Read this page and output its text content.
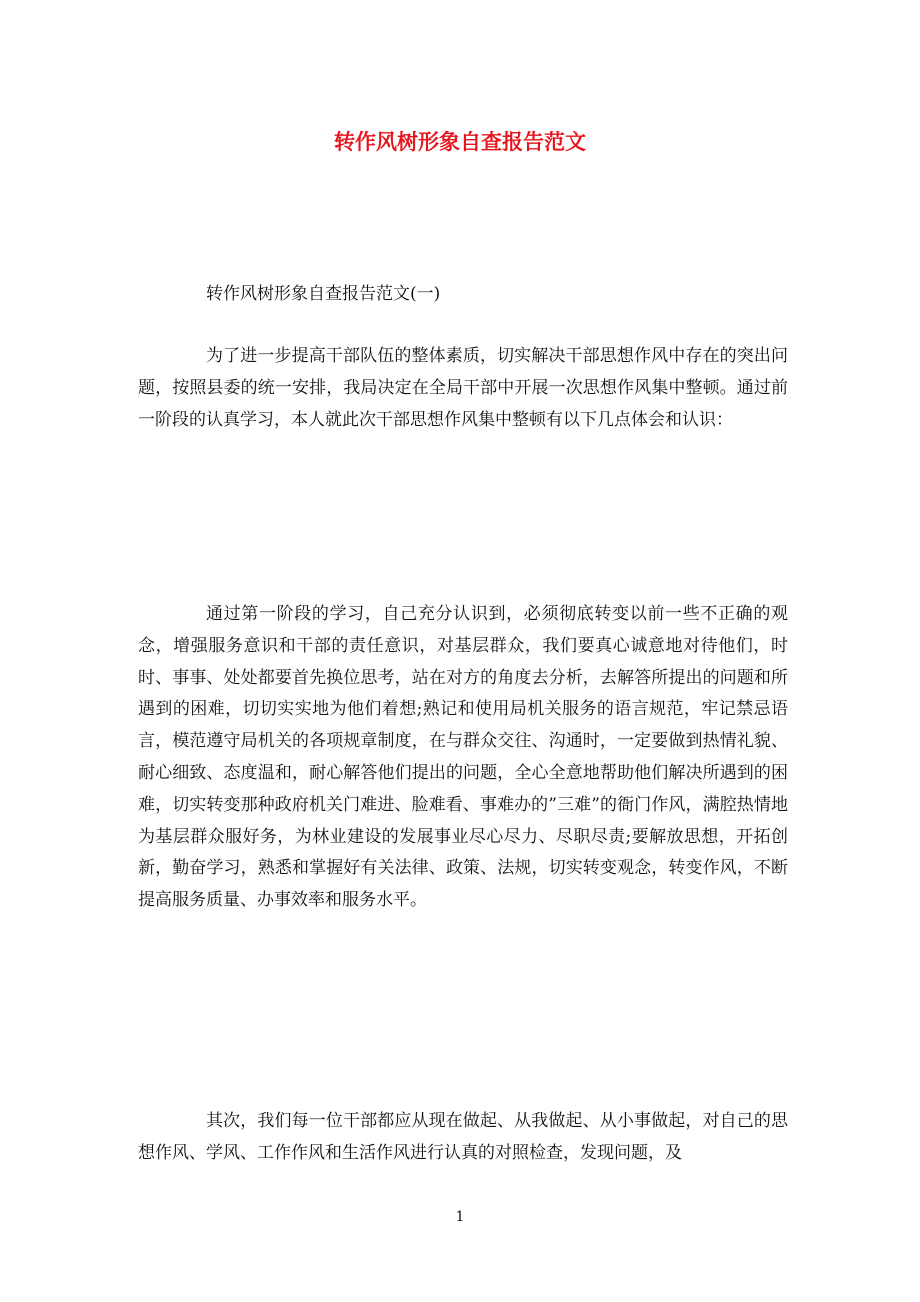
转作风树形象自查报告范文

转作风树形象自查报告范文(一)

为了进一步提高干部队伍的整体素质，切实解决干部思想作风中存在的突出问题，按照县委的统一安排，我局决定在全局干部中开展一次思想作风集中整顿。通过前一阶段的认真学习，本人就此次干部思想作风集中整顿有以下几点体会和认识：

通过第一阶段的学习，自己充分认识到，必须彻底转变以前一些不正确的观念，增强服务意识和干部的责任意识，对基层群众，我们要真心诚意地对待他们，时时、事事、处处都要首先换位思考，站在对方的角度去分析，去解答所提出的问题和所遇到的困难，切切实实地为他们着想;熟记和使用局机关服务的语言规范，牢记禁忌语言，模范遵守局机关的各项规章制度，在与群众交往、沟通时，一定要做到热情礼貌、耐心细致、态度温和，耐心解答他们提出的问题，全心全意地帮助他们解决所遇到的困难，切实转变那种政府机关门难进、脸难看、事难办的”三难”的衙门作风，满腔热情地为基层群众服好务，为林业建设的发展事业尽心尽力、尽职尽责;要解放思想，开拓创新，勤奋学习，熟悉和掌握好有关法律、政策、法规，切实转变观念，转变作风，不断提高服务质量、办事效率和服务水平。

其次，我们每一位干部都应从现在做起、从我做起、从小事做起，对自己的思想作风、学风、工作作风和生活作风进行认真的对照检查，发现问题，及

1
